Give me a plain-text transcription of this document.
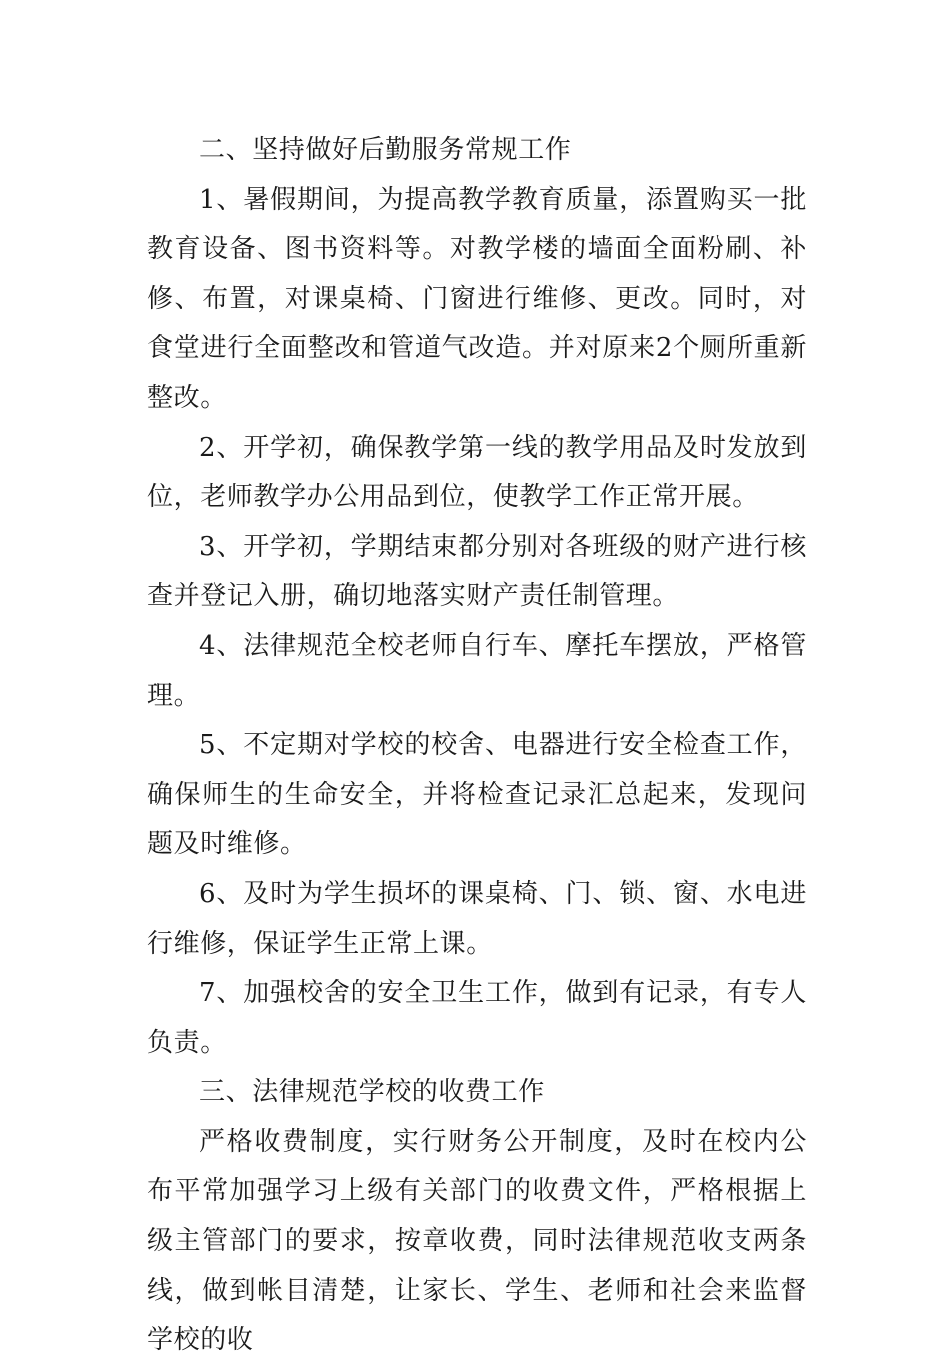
二、坚持做好后勤服务常规工作

1、暑假期间，为提高教学教育质量，添置购买一批教育设备、图书资料等。对教学楼的墙面全面粉刷、补修、布置，对课桌椅、门窗进行维修、更改。同时，对食堂进行全面整改和管道气改造。并对原来2个厕所重新整改。

2、开学初，确保教学第一线的教学用品及时发放到位，老师教学办公用品到位，使教学工作正常开展。

3、开学初，学期结束都分别对各班级的财产进行核查并登记入册，确切地落实财产责任制管理。

4、法律规范全校老师自行车、摩托车摆放，严格管理。

5、不定期对学校的校舍、电器进行安全检查工作，确保师生的生命安全，并将检查记录汇总起来，发现问题及时维修。

6、及时为学生损坏的课桌椅、门、锁、窗、水电进行维修，保证学生正常上课。

7、加强校舍的安全卫生工作，做到有记录，有专人负责。

三、法律规范学校的收费工作

严格收费制度，实行财务公开制度，及时在校内公布平常加强学习上级有关部门的收费文件，严格根据上级主管部门的要求，按章收费，同时法律规范收支两条线，做到帐目清楚，让家长、学生、老师和社会来监督学校的收
